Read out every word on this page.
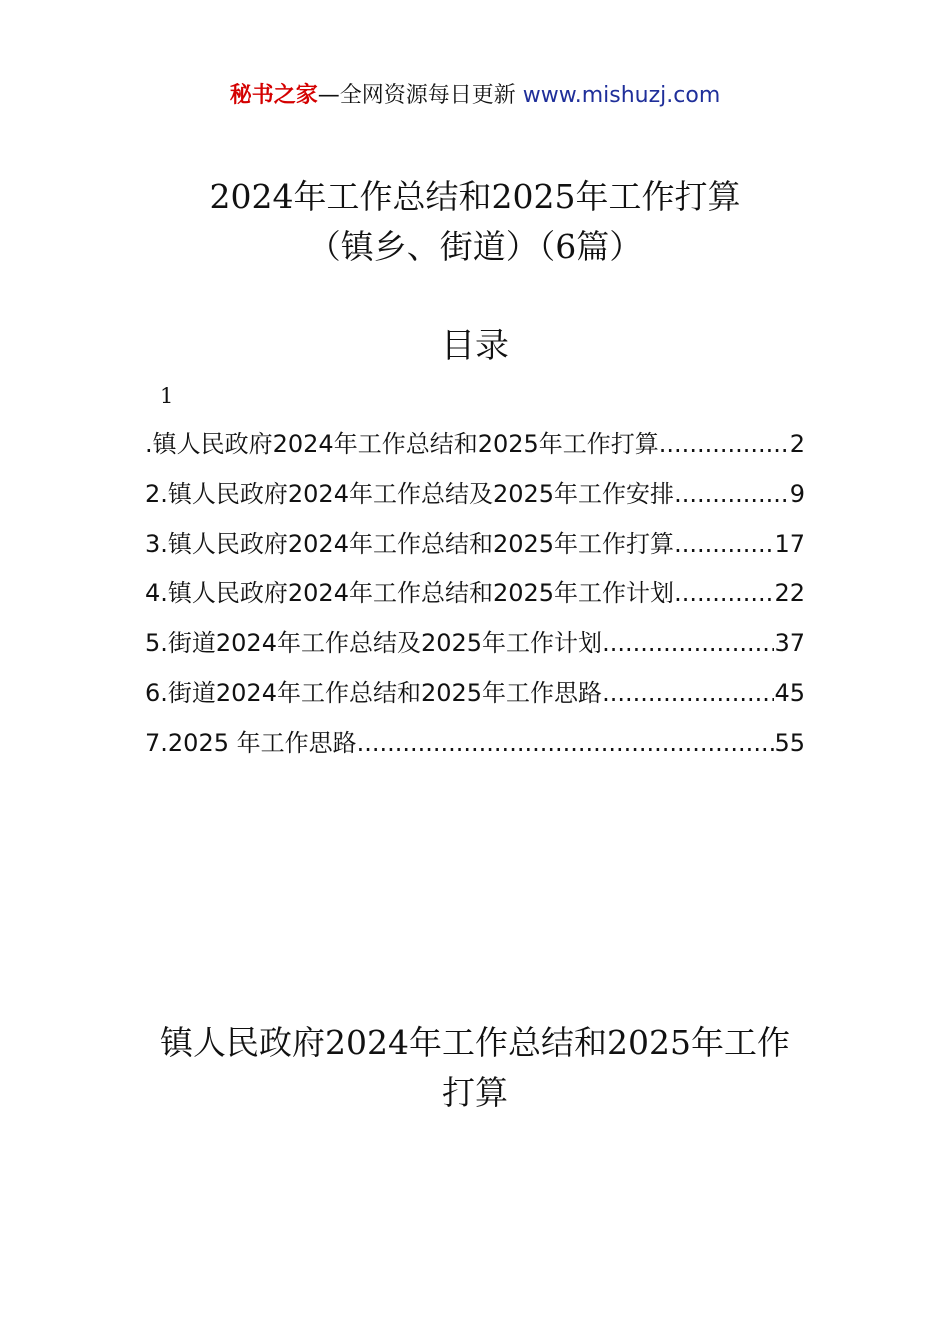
秘书之家—全网资源每日更新 www.mishuzj.com
2024年工作总结和2025年工作打算
（镇乡、街道）（6篇）
目录
1
.镇人民政府2024年工作总结和2025年工作打算 .....	2
2.镇人民政府2024年工作总结及2025年工作安排 .....	9
3.镇人民政府2024年工作总结和2025年工作打算 .....	17
4.镇人民政府2024年工作总结和2025年工作计划 .....	22
5.街道2024年工作总结及2025年工作计划 .....	37
6.街道2024年工作总结和2025年工作思路 .....	45
7.2025 年工作思路 .....	55
镇人民政府2024年工作总结和2025年工作
打算
